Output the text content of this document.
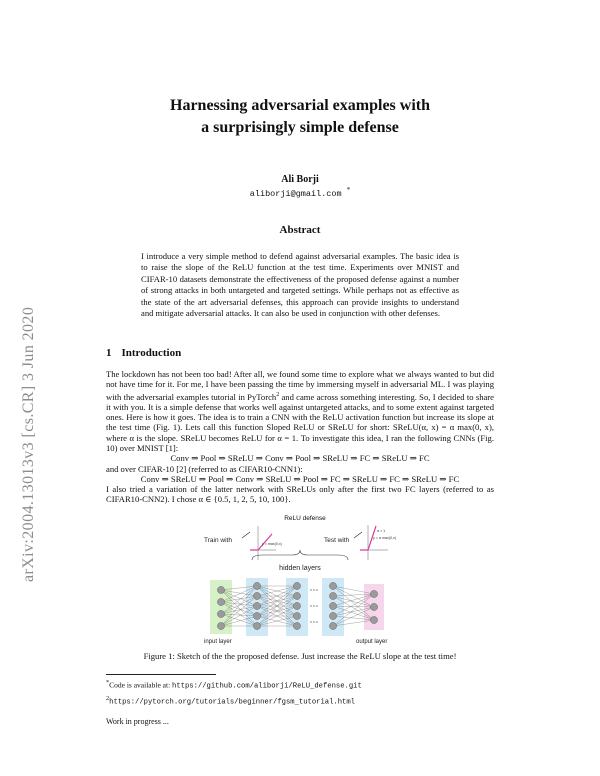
arXiv:2004.13013v3 [cs.CR] 3 Jun 2020
Harnessing adversarial examples with
a surprisingly simple defense
Ali Borji
aliborji@gmail.com *
Abstract
I introduce a very simple method to defend against adversarial examples. The basic idea is to raise the slope of the ReLU function at the test time. Experiments over MNIST and CIFAR-10 datasets demonstrate the effectiveness of the proposed defense against a number of strong attacks in both untargeted and targeted settings. While perhaps not as effective as the state of the art adversarial defenses, this approach can provide insights to understand and mitigate adversarial attacks. It can also be used in conjunction with other defenses.
1 Introduction

The lockdown has not been too bad! After all, we found some time to explore what we always wanted to but did not have time for it. For me, I have been passing the time by immersing myself in adversarial ML. I was playing with the adversarial examples tutorial in PyTorch$^2$ and came across something interesting. So, I decided to share it with you. It is a simple defense that works well against untargeted attacks, and to some extent against targeted ones. Here is how it goes. The idea is to train a CNN with the ReLU activation function but increase its slope at the test time (Fig. 1). Lets call this function Sloped ReLU or SReLU for short: SReLU(α, x) = α max(0, x), where α is the slope. SReLU becomes ReLU for α = 1. To investigate this idea, I ran the following CNNs (Fig. 10) over MNIST [1]:

Conv ⇒ Pool ⇒ SReLU ⇒ Conv ⇒ Pool ⇒ SReLU ⇒ FC ⇒ SReLU ⇒ FC

and over CIFAR-10 [2] (referred to as CIFAR10-CNN1):

Conv ⇒ SReLU ⇒ Pool ⇒ Conv ⇒ SReLU ⇒ Pool ⇒ FC ⇒ SReLU ⇒ FC ⇒ SReLU ⇒ FC

I also tried a variation of the latter network with SReLUs only after the first two FC layers (referred to as CIFAR10-CNN2). I chose α ∈ {0.5, 1, 2, 5, 10, 100}.

ReLU defense
Train with	y = max(0,x)	Test with
α > 1
y = α max(0,x)
hidden layers
input layer	output layer
Figure 1: Sketch of the the proposed defense. Just increase the ReLU slope at the test time!
*Code is available at: https://github.com/aliborji/ReLU_defense.git
$^2$https://pytorch.org/tutorials/beginner/fgsm_tutorial.html
Work in progress ...
